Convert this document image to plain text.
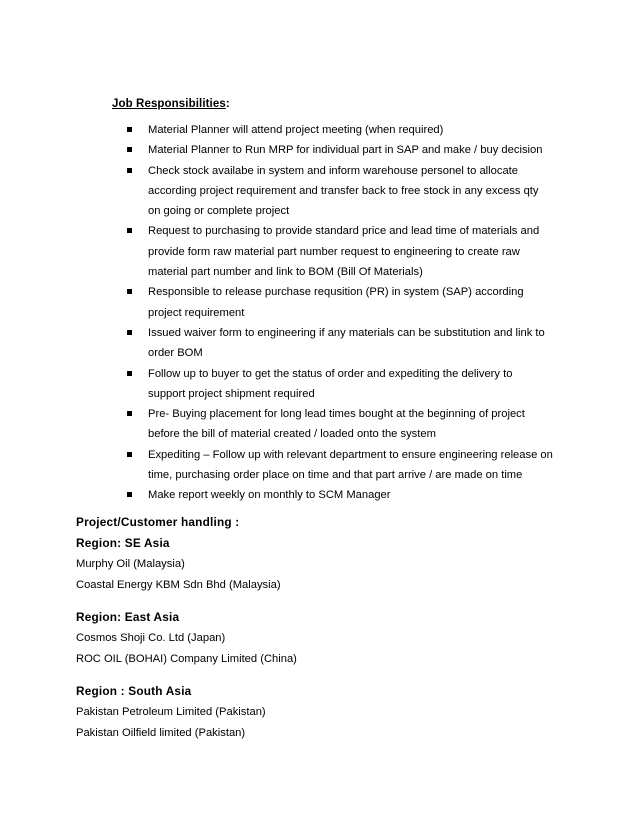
Job Responsibilities:
Material Planner will attend project meeting (when required)
Material Planner to Run MRP for individual part in SAP and make / buy decision
Check stock availabe in system and inform warehouse personel to allocate according project requirement and transfer back to free stock in any excess qty on going or complete project
Request to purchasing to provide standard price and lead time of materials and provide form raw material part number request to engineering to create raw material part number and link to BOM (Bill Of Materials)
Responsible to release purchase requsition (PR) in system (SAP) according project requirement
Issued waiver form to engineering if any materials can be substitution and link to order BOM
Follow up to buyer to get the status of order and expediting the delivery to support project shipment required
Pre- Buying placement for long lead times bought at the beginning of project before the bill of material created / loaded onto the system
Expediting – Follow up with relevant department to ensure engineering release on time, purchasing order place on time and that part arrive / are made on time
Make report weekly on monthly to SCM Manager
Project/Customer handling :
Region: SE Asia
Murphy Oil (Malaysia)
Coastal Energy KBM Sdn Bhd (Malaysia)
Region: East Asia
Cosmos Shoji Co. Ltd (Japan)
ROC OIL (BOHAI) Company Limited (China)
Region : South Asia
Pakistan Petroleum Limited (Pakistan)
Pakistan Oilfield limited (Pakistan)
